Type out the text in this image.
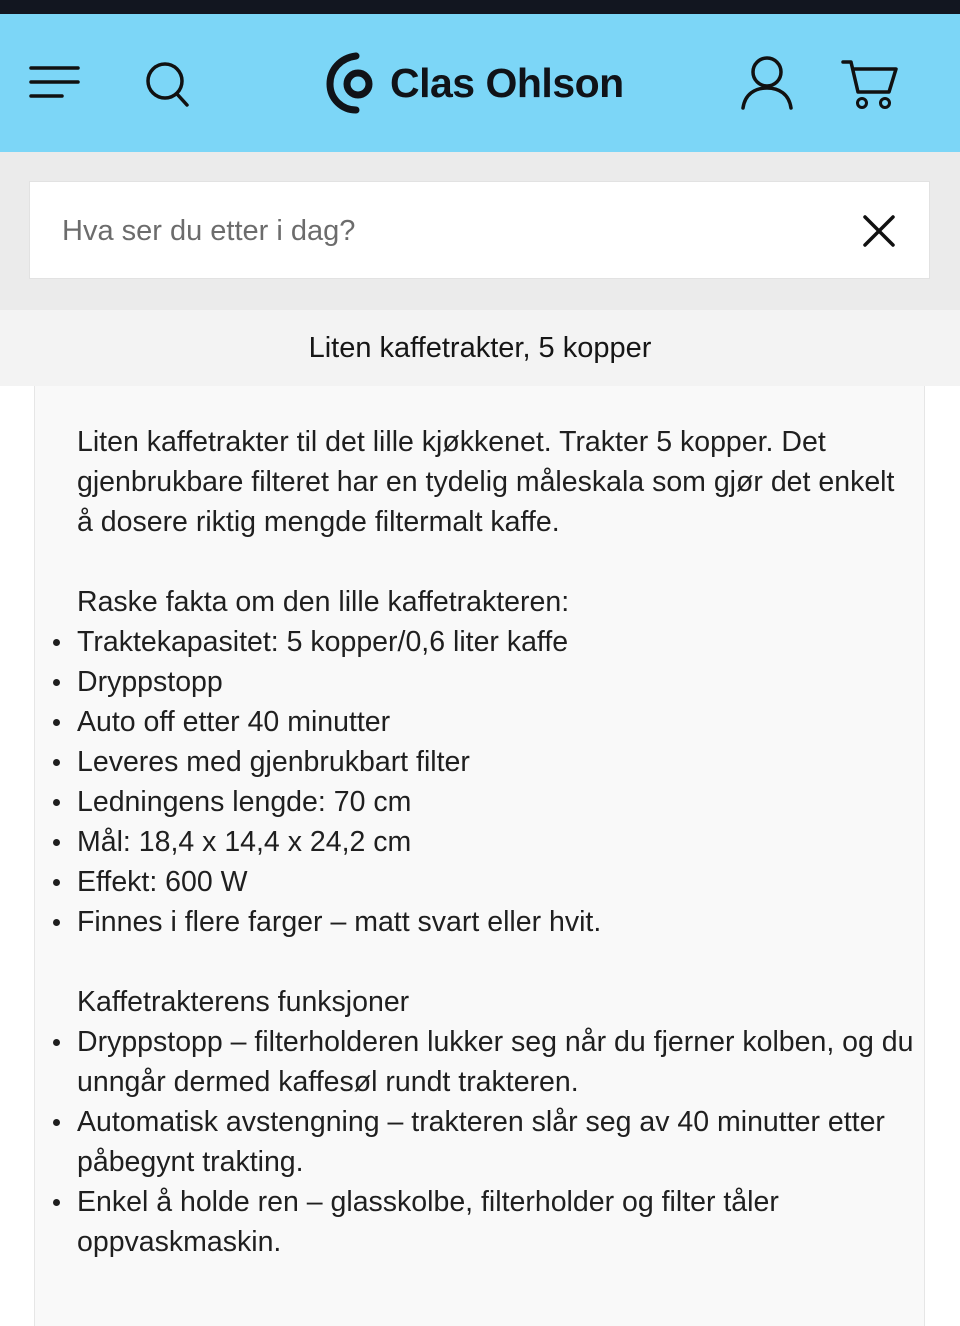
Clas Ohlson
Hva ser du etter i dag?
Liten kaffetrakter, 5 kopper

Liten kaffetrakter til det lille kjøkkenet. Trakter 5 kopper. Det gjenbrukbare filteret har en tydelig måleskala som gjør det enkelt å dosere riktig mengde filtermalt kaffe.

Raske fakta om den lille kaffetrakteren:

Traktekapasitet: 5 kopper/0,6 liter kaffe
Dryppstopp
Auto off etter 40 minutter
Leveres med gjenbrukbart filter
Ledningens lengde: 70 cm
Mål: 18,4 x 14,4 x 24,2 cm
Effekt: 600 W
Finnes i flere farger – matt svart eller hvit.

Kaffetrakterens funksjoner

Dryppstopp – filterholderen lukker seg når du fjerner kolben, og du unngår dermed kaffesøl rundt trakteren.
Automatisk avstengning – trakteren slår seg av 40 minutter etter påbegynt trakting.
Enkel å holde ren – glasskolbe, filterholder og filter tåler oppvaskmaskin.
